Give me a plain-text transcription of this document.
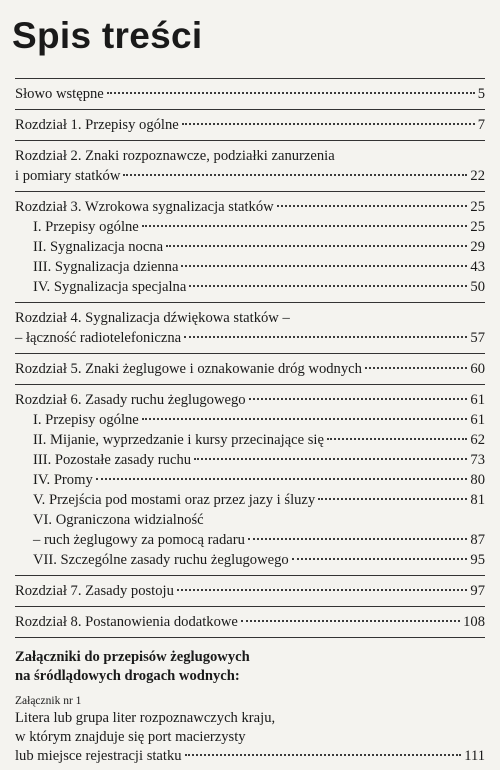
Spis treści
Słowo wstępne	5
Rozdział 1. Przepisy ogólne	7
Rozdział 2. Znaki rozpoznawcze, podziałki zanurzenia
i pomiary statków	22
Rozdział 3. Wzrokowa sygnalizacja statków	25
I. Przepisy ogólne	25
II. Sygnalizacja nocna	29
III. Sygnalizacja dzienna	43
IV. Sygnalizacja specjalna	50
Rozdział 4. Sygnalizacja dźwiękowa statków –
– łączność radiotelefoniczna	57
Rozdział 5. Znaki żeglugowe i oznakowanie dróg wodnych	60
Rozdział 6. Zasady ruchu żeglugowego	61
I. Przepisy ogólne	61
II. Mijanie, wyprzedzanie i kursy przecinające się	62
III. Pozostałe zasady ruchu	73
IV. Promy	80
V. Przejścia pod mostami oraz przez jazy i śluzy	81
VI. Ograniczona widzialność
– ruch żeglugowy za pomocą radaru	87
VII. Szczególne zasady ruchu żeglugowego	95
Rozdział 7. Zasady postoju	97
Rozdział 8. Postanowienia dodatkowe	108
Załączniki do przepisów żeglugowych
na śródlądowych drogach wodnych:
Załącznik nr 1
Litera lub grupa liter rozpoznawczych kraju,
w którym znajduje się port macierzysty
lub miejsce rejestracji statku	111
